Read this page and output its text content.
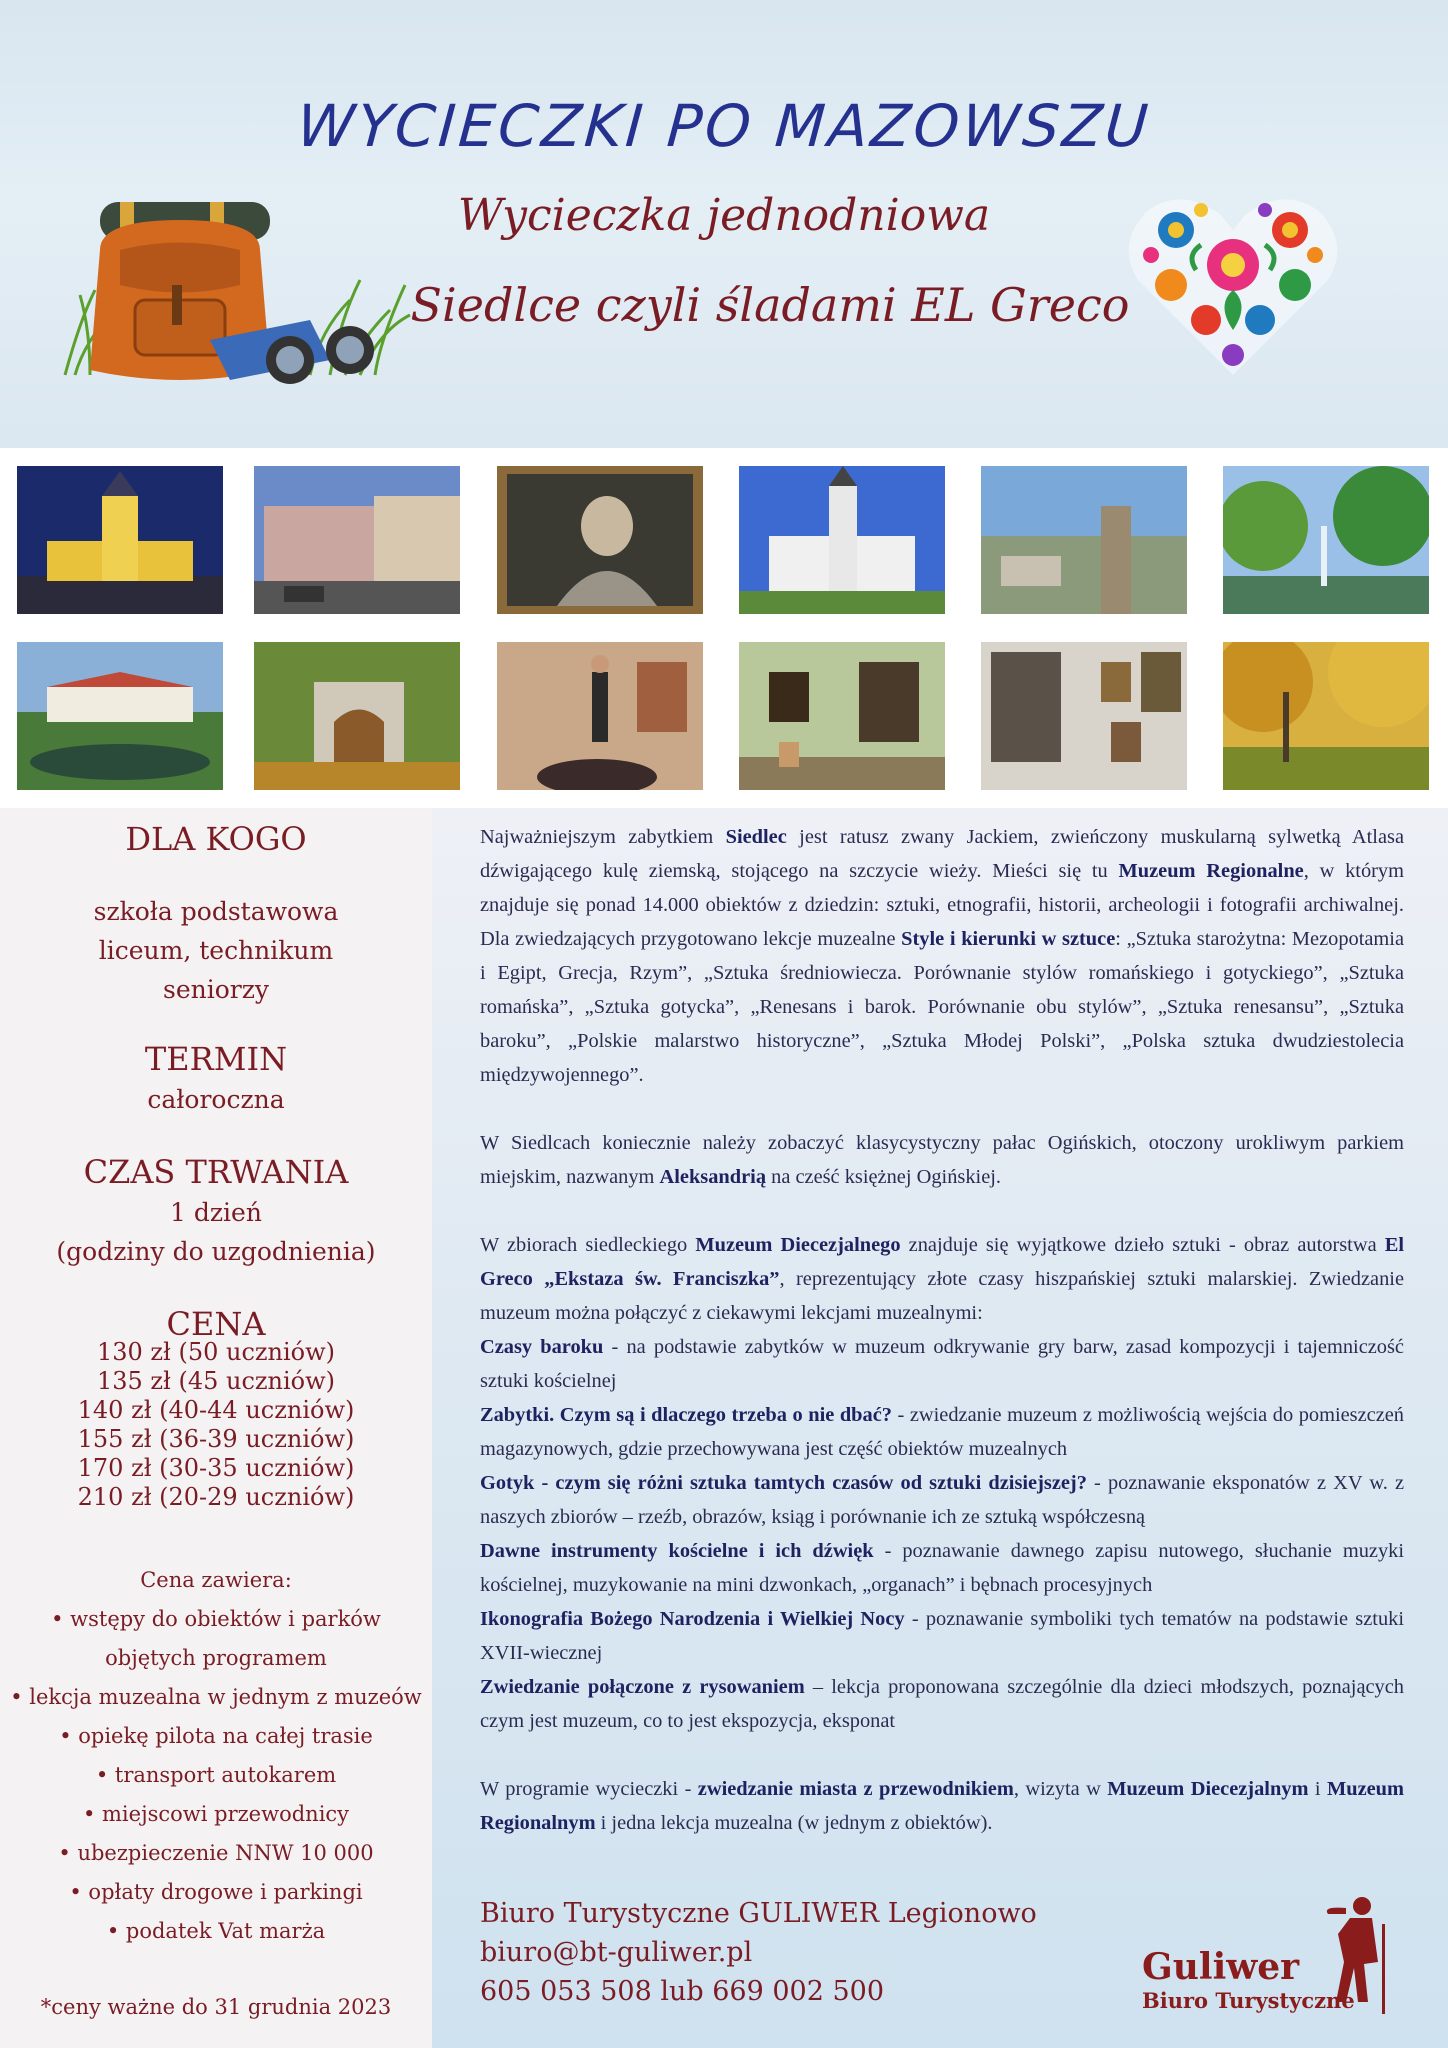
WYCIECZKI PO MAZOWSZU
Wycieczka jednodniowa
Siedlce czyli śladami EL Greco
DLA KOGO
szkoła podstawowa
liceum, technikum
seniorzy
TERMIN
całoroczna
CZAS TRWANIA
1 dzień
(godziny do uzgodnienia)
CENA
130 zł (50 uczniów)
135 zł (45 uczniów)
140 zł (40-44 uczniów)
155 zł (36-39 uczniów)
170 zł (30-35 uczniów)
210 zł (20-29 uczniów)
Cena zawiera:
• wstępy do obiektów i parków
objętych programem
• lekcja muzealna w jednym z muzeów
• opiekę pilota na całej trasie
• transport autokarem
• miejscowi przewodnicy
• ubezpieczenie NNW 10 000
• opłaty drogowe i parkingi
• podatek Vat marża
*ceny ważne do 31 grudnia 2023

Najważniejszym zabytkiem Siedlec jest ratusz zwany Jackiem, zwieńczony muskularną sylwetką Atlasa dźwigającego kulę ziemską, stojącego na szczycie wieży. Mieści się tu Muzeum Regionalne, w którym znajduje się ponad 14.000 obiektów z dziedzin: sztuki, etnografii, historii, archeologii i fotografii archiwalnej. Dla zwiedzających przygotowano lekcje muzealne Style i kierunki w sztuce: „Sztuka starożytna: Mezopotamia i Egipt, Grecja, Rzym”, „Sztuka średniowiecza. Porównanie stylów romańskiego i gotyckiego”, „Sztuka romańska”, „Sztuka gotycka”, „Renesans i barok. Porównanie obu stylów”, „Sztuka renesansu”, „Sztuka baroku”, „Polskie malarstwo historyczne”, „Sztuka Młodej Polski”, „Polska sztuka dwudziestolecia międzywojennego”.

W Siedlcach koniecznie należy zobaczyć klasycystyczny pałac Ogińskich, otoczony urokliwym parkiem miejskim, nazwanym Aleksandrią na cześć księżnej Ogińskiej.

W zbiorach siedleckiego Muzeum Diecezjalnego znajduje się wyjątkowe dzieło sztuki - obraz autorstwa El Greco „Ekstaza św. Franciszka”, reprezentujący złote czasy hiszpańskiej sztuki malarskiej. Zwiedzanie muzeum można połączyć z ciekawymi lekcjami muzealnymi:

Czasy baroku - na podstawie zabytków w muzeum odkrywanie gry barw, zasad kompozycji i tajemniczość sztuki kościelnej

Zabytki. Czym są i dlaczego trzeba o nie dbać? - zwiedzanie muzeum z możliwością wejścia do pomieszczeń magazynowych, gdzie przechowywana jest część obiektów muzealnych

Gotyk - czym się różni sztuka tamtych czasów od sztuki dzisiejszej? - poznawanie eksponatów z XV w. z naszych zbiorów – rzeźb, obrazów, ksiąg i porównanie ich ze sztuką współczesną

Dawne instrumenty kościelne i ich dźwięk - poznawanie dawnego zapisu nutowego, słuchanie muzyki kościelnej, muzykowanie na mini dzwonkach, „organach” i bębnach procesyjnych

Ikonografia Bożego Narodzenia i Wielkiej Nocy - poznawanie symboliki tych tematów na podstawie sztuki XVII-wiecznej

Zwiedzanie połączone z rysowaniem – lekcja proponowana szczególnie dla dzieci młodszych, poznających czym jest muzeum, co to jest ekspozycja, eksponat

W programie wycieczki - zwiedzanie miasta z przewodnikiem, wizyta w Muzeum Diecezjalnym i Muzeum Regionalnym i jedna lekcja muzealna (w jednym z obiektów).

Biuro Turystyczne GULIWER Legionowo
biuro@bt-guliwer.pl
605 053 508 lub 669 002 500
Guliwer
Biuro Turystyczne
